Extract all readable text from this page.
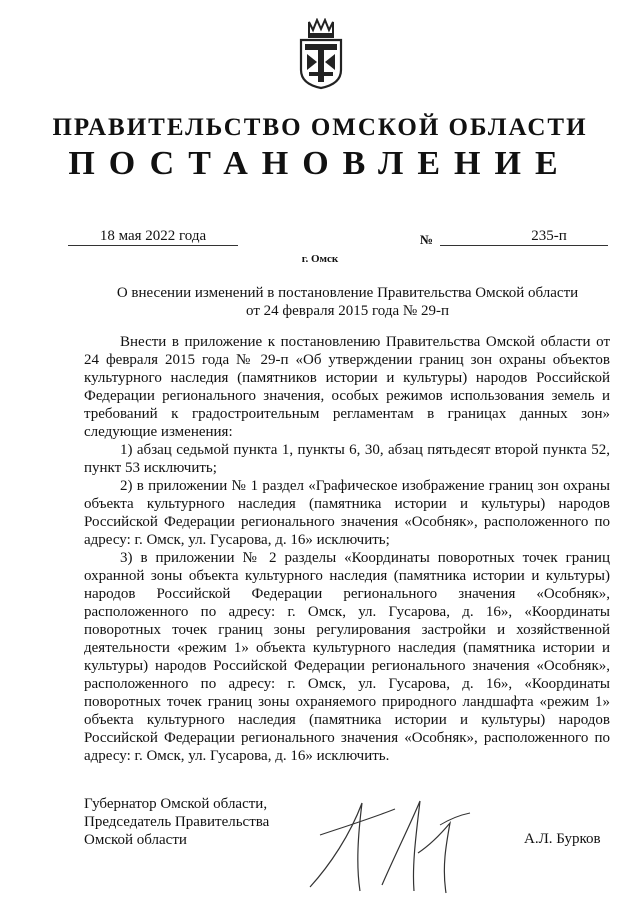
ПРАВИТЕЛЬСТВО ОМСКОЙ ОБЛАСТИ
ПОСТАНОВЛЕНИЕ
18 мая 2022 года	№	235-п
г. Омск
О внесении изменений в постановление Правительства Омской области
от 24 февраля 2015 года № 29-п

Внести в приложение к постановлению Правительства Омской области от 24 февраля 2015 года № 29-п «Об утверждении границ зон охраны объектов культурного наследия (памятников истории и культуры) народов Российской Федерации регионального значения, особых режимов использования земель и требований к градостроительным регламентам в границах данных зон» следующие изменения:

1) абзац седьмой пункта 1, пункты 6, 30, абзац пятьдесят второй пункта 52, пункт 53 исключить;

2) в приложении № 1 раздел «Графическое изображение границ зон охраны объекта культурного наследия (памятника истории и культуры) народов Российской Федерации регионального значения «Особняк», расположенного по адресу: г. Омск, ул. Гусарова, д. 16» исключить;

3) в приложении № 2 разделы «Координаты поворотных точек границ охранной зоны объекта культурного наследия (памятника истории и культуры) народов Российской Федерации регионального значения «Особняк», расположенного по адресу: г. Омск, ул. Гусарова, д. 16», «Координаты поворотных точек границ зоны регулирования застройки и хозяйственной деятельности «режим 1» объекта культурного наследия (памятника истории и культуры) народов Российской Федерации регионального значения «Особняк», расположенного по адресу: г. Омск, ул. Гусарова, д. 16», «Координаты поворотных точек границ зоны охраняемого природного ландшафта «режим 1» объекта культурного наследия (памятника истории и культуры) народов Российской Федерации регионального значения «Особняк», расположенного по адресу: г. Омск, ул. Гусарова, д. 16» исключить.

Губернатор Омской области,
Председатель Правительства
Омской области	А.Л. Бурков
